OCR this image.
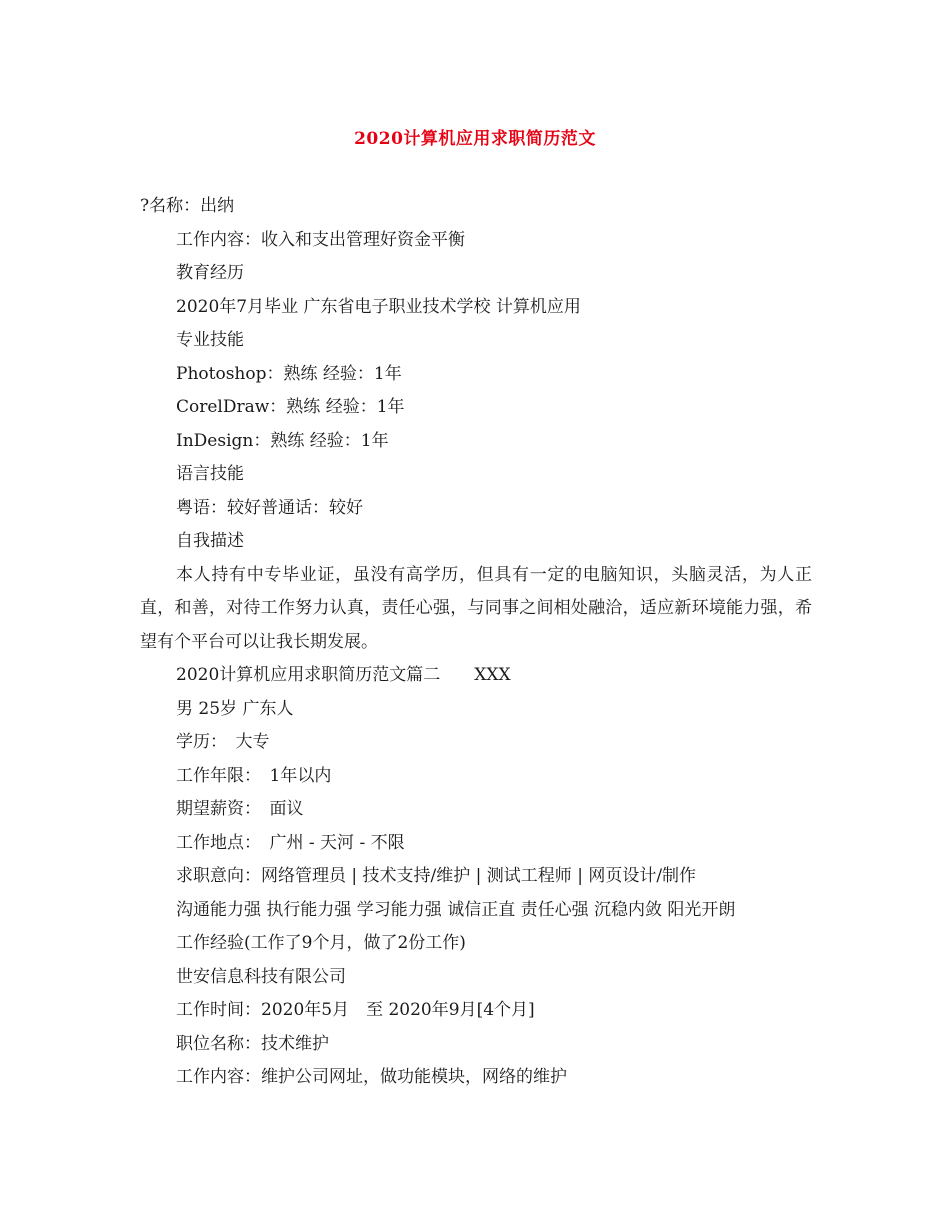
2020计算机应用求职简历范文
?名称：出纳
工作内容：收入和支出管理好资金平衡
教育经历
2020年7月毕业 广东省电子职业技术学校 计算机应用
专业技能
Photoshop：熟练 经验：1年
CorelDraw：熟练 经验：1年
InDesign：熟练 经验：1年
语言技能
粤语：较好普通话：较好
自我描述
本人持有中专毕业证，虽没有高学历，但具有一定的电脑知识，头脑灵活，为人正直，和善，对待工作努力认真，责任心强，与同事之间相处融洽，适应新环境能力强，希望有个平台可以让我长期发展。
2020计算机应用求职简历范文篇二　　XXX
男 25岁 广东人
学历：　大专
工作年限：　1年以内
期望薪资：　面议
工作地点：　广州 - 天河 - 不限
求职意向：网络管理员 | 技术支持/维护 | 测试工程师 | 网页设计/制作
沟通能力强 执行能力强 学习能力强 诚信正直 责任心强 沉稳内敛 阳光开朗
工作经验(工作了9个月，做了2份工作)
世安信息科技有限公司
工作时间：2020年5月　至 2020年9月[4个月]
职位名称：技术维护
工作内容：维护公司网址，做功能模块，网络的维护
